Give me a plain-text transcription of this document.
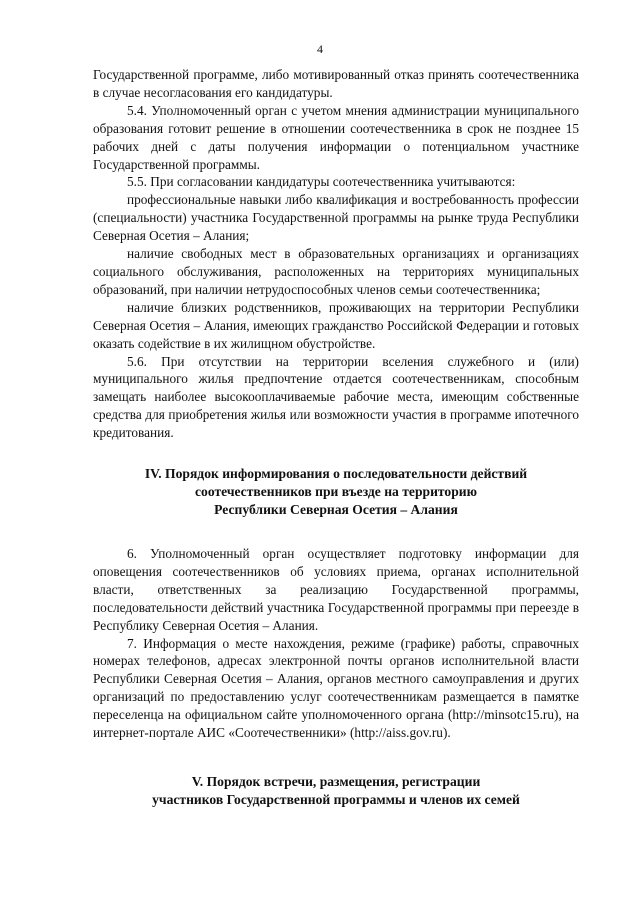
4

Государственной программе, либо мотивированный отказ принять соотечественника в случае несогласования его кандидатуры.

5.4. Уполномоченный орган с учетом мнения администрации муниципального образования готовит решение в отношении соотечественника в срок не позднее 15 рабочих дней с даты получения информации о потенциальном участнике Государственной программы.

5.5. При согласовании кандидатуры соотечественника учитываются:

профессиональные навыки либо квалификация и востребованность профессии (специальности) участника Государственной программы на рынке труда Республики Северная Осетия – Алания;

наличие свободных мест в образовательных организациях и организациях социального обслуживания, расположенных на территориях муниципальных образований, при наличии нетрудоспособных членов семьи соотечественника;

наличие близких родственников, проживающих на территории Республики Северная Осетия – Алания, имеющих гражданство Российской Федерации и готовых оказать содействие в их жилищном обустройстве.

5.6. При отсутствии на территории вселения служебного и (или) муниципального жилья предпочтение отдается соотечественникам, способным замещать наиболее высокооплачиваемые рабочие места, имеющим собственные средства для приобретения жилья или возможности участия в программе ипотечного кредитования.

IV. Порядок информирования о последовательности действий
соотечественников при въезде на территорию
Республики Северная Осетия – Алания

6. Уполномоченный орган осуществляет подготовку информации для оповещения соотечественников об условиях приема, органах исполнительной власти, ответственных за реализацию Государственной программы, последовательности действий участника Государственной программы при переезде в Республику Северная Осетия – Алания.

7. Информация о месте нахождения, режиме (графике) работы, справочных номерах телефонов, адресах электронной почты органов исполнительной власти Республики Северная Осетия – Алания, органов местного самоуправления и других организаций по предоставлению услуг соотечественникам размещается в памятке переселенца на официальном сайте уполномоченного органа (http://minsotc15.ru), на интернет-портале АИС «Соотечественники» (http://aiss.gov.ru).

V. Порядок встречи, размещения, регистрации
участников Государственной программы и членов их семей
